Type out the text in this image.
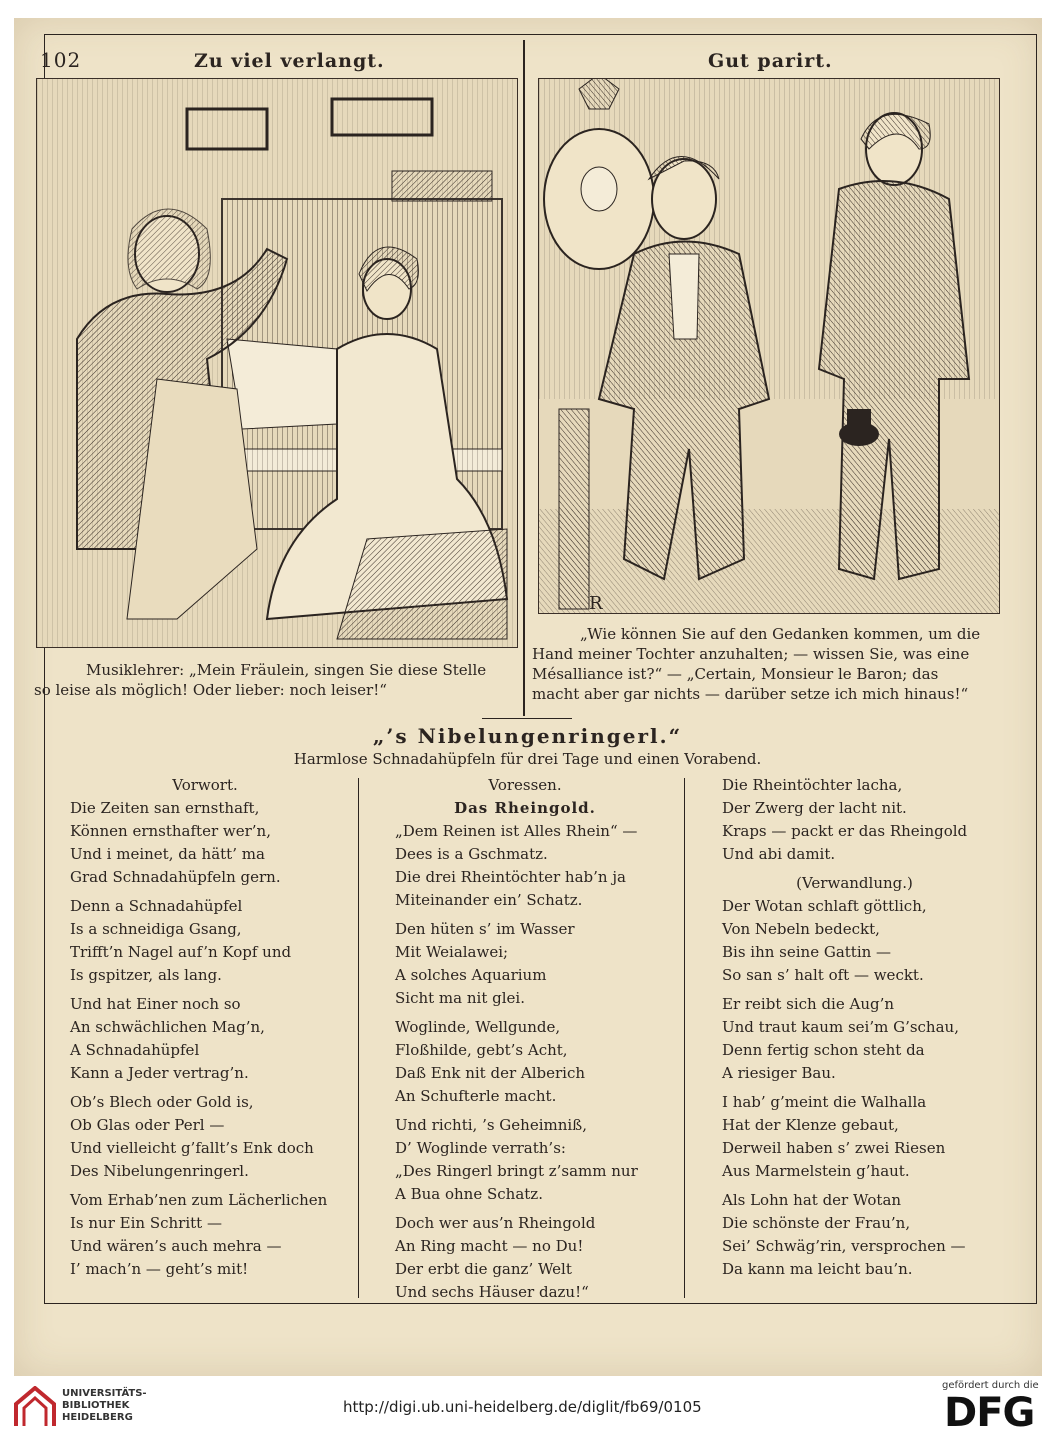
102	Zu viel verlangt.	Gut parirt.
R
Musiklehrer: „Mein Fräulein, singen Sie diese Stelle
so leise als möglich! Oder lieber: noch leiser!“
„Wie können Sie auf den Gedanken kommen, um die
Hand meiner Tochter anzuhalten; — wissen Sie, was eine
Mésalliance ist?“ — „Certain, Monsieur le Baron; das
macht aber gar nichts — darüber setze ich mich hinaus!“
„’s Nibelungenringerl.“
Harmlose Schnadahüpfeln für drei Tage und einen Vorabend.
Vorwort.
Die Zeiten san ernsthaft,
Können ernsthafter wer’n,
Und i meinet, da hätt’ ma
Grad Schnadahüpfeln gern.
Denn a Schnadahüpfel
Is a schneidiga Gsang,
Trifft’n Nagel auf’n Kopf und
Is gspitzer, als lang.
Und hat Einer noch so
An schwächlichen Mag’n,
A Schnadahüpfel
Kann a Jeder vertrag’n.
Ob’s Blech oder Gold is,
Ob Glas oder Perl —
Und vielleicht g’fallt’s Enk doch
Des Nibelungenringerl.
Vom Erhab’nen zum Lächerlichen
Is nur Ein Schritt —
Und wären’s auch mehra —
I’ mach’n — geht’s mit!
Voressen.
Das Rheingold.
„Dem Reinen ist Alles Rhein“ —
Dees is a Gschmatz.
Die drei Rheintöchter hab’n ja
Miteinander ein’ Schatz.
Den hüten s’ im Wasser
Mit Weialawei;
A solches Aquarium
Sicht ma nit glei.
Woglinde, Wellgunde,
Floßhilde, gebt’s Acht,
Daß Enk nit der Alberich
An Schufterle macht.
Und richti, ’s Geheimniß,
D’ Woglinde verrath’s:
„Des Ringerl bringt z’samm nur
A Bua ohne Schatz.
Doch wer aus’n Rheingold
An Ring macht — no Du!
Der erbt die ganz’ Welt
Und sechs Häuser dazu!“
Die Rheintöchter lacha,
Der Zwerg der lacht nit.
Kraps — packt er das Rheingold
Und abi damit.
(Verwandlung.)
Der Wotan schlaft göttlich,
Von Nebeln bedeckt,
Bis ihn seine Gattin —
So san s’ halt oft — weckt.
Er reibt sich die Aug’n
Und traut kaum sei’m G’schau,
Denn fertig schon steht da
A riesiger Bau.
I hab’ g’meint die Walhalla
Hat der Klenze gebaut,
Derweil haben s’ zwei Riesen
Aus Marmelstein g’haut.
Als Lohn hat der Wotan
Die schönste der Frau’n,
Sei’ Schwäg’rin, versprochen —
Da kann ma leicht bau’n.
UNIVERSITÄTS-
BIBLIOTHEK
HEIDELBERG
http://digi.ub.uni-heidelberg.de/diglit/fb69/0105
gefördert durch die
DFG
